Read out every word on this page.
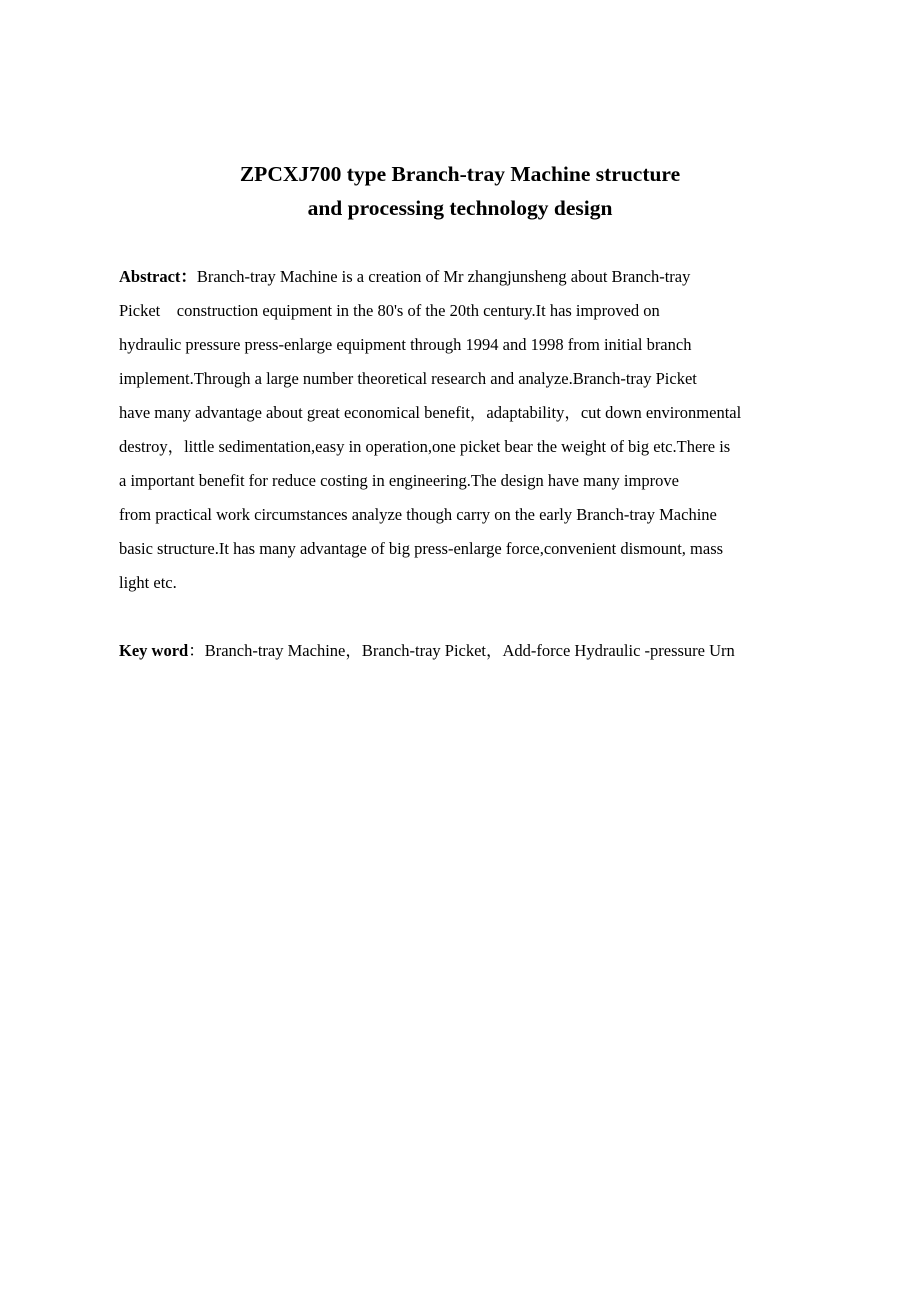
ZPCXJ700 type Branch-tray Machine structure
and processing technology design
Abstract：Branch-tray Machine is a creation of Mr zhangjunsheng about Branch-tray
Picket    construction equipment in the 80's of the 20th century.It has improved on
hydraulic pressure press-enlarge equipment through 1994 and 1998 from initial branch
implement.Through a large number theoretical research and analyze.Branch-tray Picket
have many advantage about great economical benefit，adaptability，cut down environmental
destroy，little sedimentation,easy in operation,one picket bear the weight of big etc.There is
a important benefit for reduce costing in engineering.The design have many improve
from practical work circumstances analyze though carry on the early Branch-tray Machine
basic structure.It has many advantage of big press-enlarge force,convenient dismount, mass
light etc.
Key word：Branch-tray Machine，Branch-tray Picket，Add-force Hydraulic -pressure Urn
